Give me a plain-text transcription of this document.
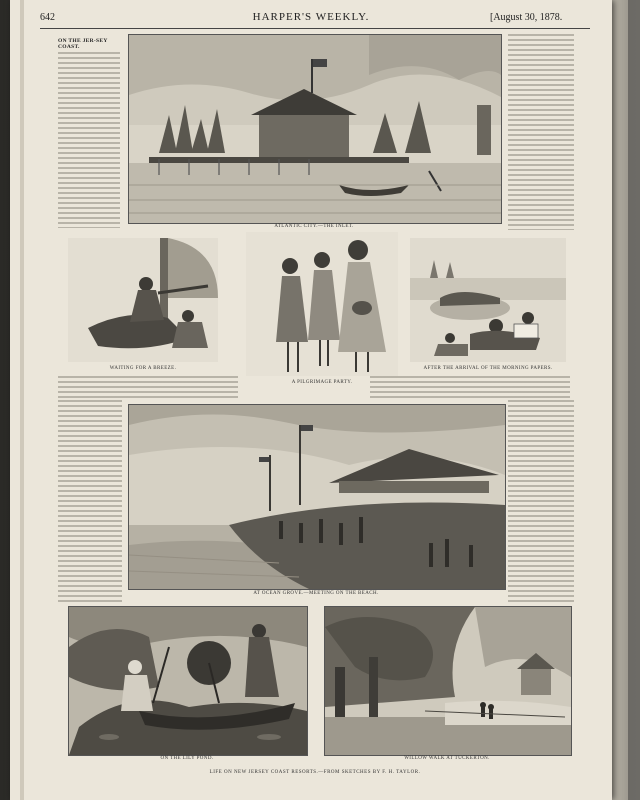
642	HARPER'S WEEKLY.	[August 30, 1878.
ON THE JER-SEY COAST.
ATLANTIC CITY.—THE INLET.
WAITING FOR A BREEZE.
A PILGRIMAGE PARTY.
AFTER THE ARRIVAL OF THE MORNING PAPERS.
AT OCEAN GROVE.—MEETING ON THE BEACH.
ON THE LILY POND.	WILLOW WALK AT TUCKERTON.
LIFE ON NEW JERSEY COAST RESORTS.—FROM SKETCHES BY F. H. TAYLOR.
